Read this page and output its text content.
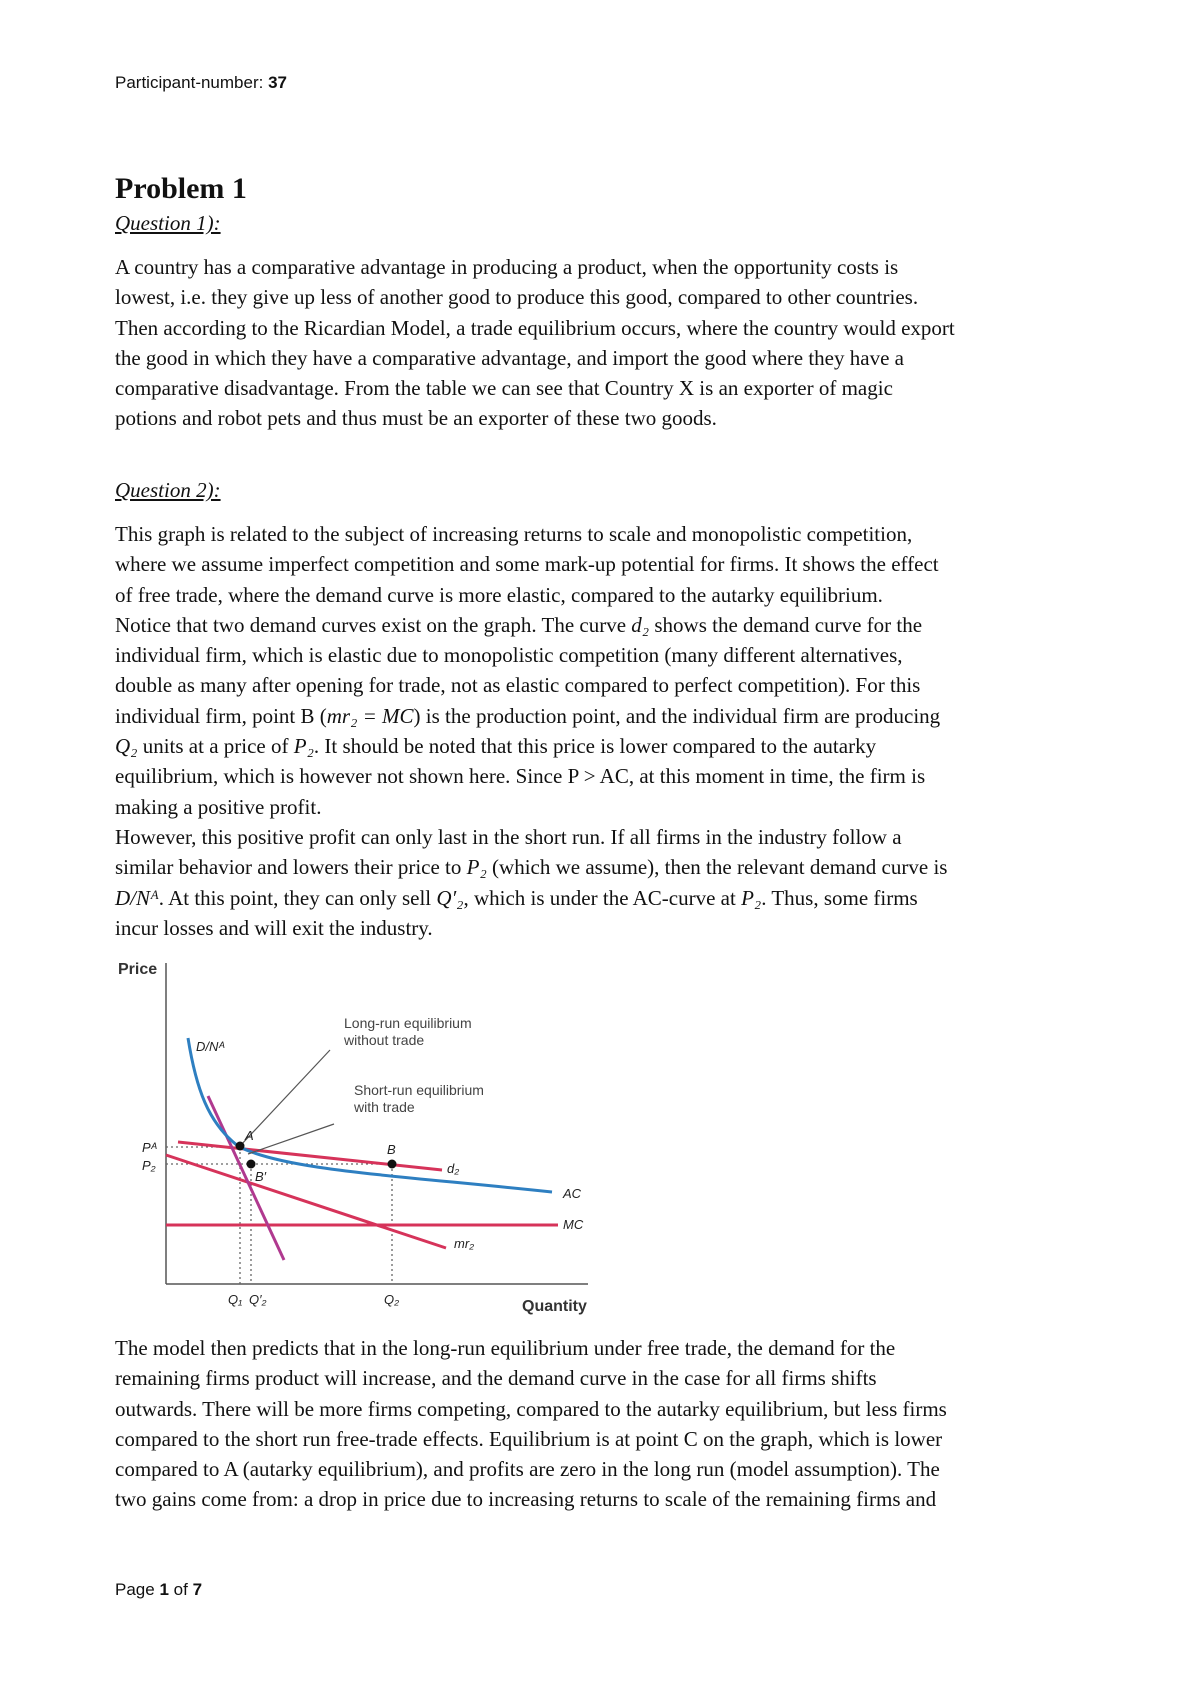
Participant-number: 37
Problem 1
Question 1):

A country has a comparative advantage in producing a product, when the opportunity costs is
lowest, i.e. they give up less of another good to produce this good, compared to other countries.
Then according to the Ricardian Model, a trade equilibrium occurs, where the country would export
the good in which they have a comparative advantage, and import the good where they have a
comparative disadvantage. From the table we can see that Country X is an exporter of magic
potions and robot pets and thus must be an exporter of these two goods.

Question 2):

This graph is related to the subject of increasing returns to scale and monopolistic competition,
where we assume imperfect competition and some mark-up potential for firms. It shows the effect
of free trade, where the demand curve is more elastic, compared to the autarky equilibrium.
Notice that two demand curves exist on the graph. The curve d₂ shows the demand curve for the
individual firm, which is elastic due to monopolistic competition (many different alternatives,
double as many after opening for trade, not as elastic compared to perfect competition). For this
individual firm, point B (mr₂ = MC) is the production point, and the individual firm are producing
Q₂ units at a price of P₂. It should be noted that this price is lower compared to the autarky
equilibrium, which is however not shown here. Since P > AC, at this moment in time, the firm is
making a positive profit.
However, this positive profit can only last in the short run. If all firms in the industry follow a
similar behavior and lowers their price to P₂ (which we assume), then the relevant demand curve is
D/Nᴬ. At this point, they can only sell Q′₂, which is under the AC-curve at P₂. Thus, some firms
incur losses and will exit the industry.

Price
Quantity
A
B
B′
D/Nᴬ
d₂
AC
MC
mr₂
Pᴬ
P₂
Q₁ Q′₂	Q₂
Long-run equilibrium
without trade
Short-run equilibrium
with trade

The model then predicts that in the long-run equilibrium under free trade, the demand for the
remaining firms product will increase, and the demand curve in the case for all firms shifts
outwards. There will be more firms competing, compared to the autarky equilibrium, but less firms
compared to the short run free-trade effects. Equilibrium is at point C on the graph, which is lower
compared to A (autarky equilibrium), and profits are zero in the long run (model assumption). The
two gains come from: a drop in price due to increasing returns to scale of the remaining firms and

Page 1 of 7
